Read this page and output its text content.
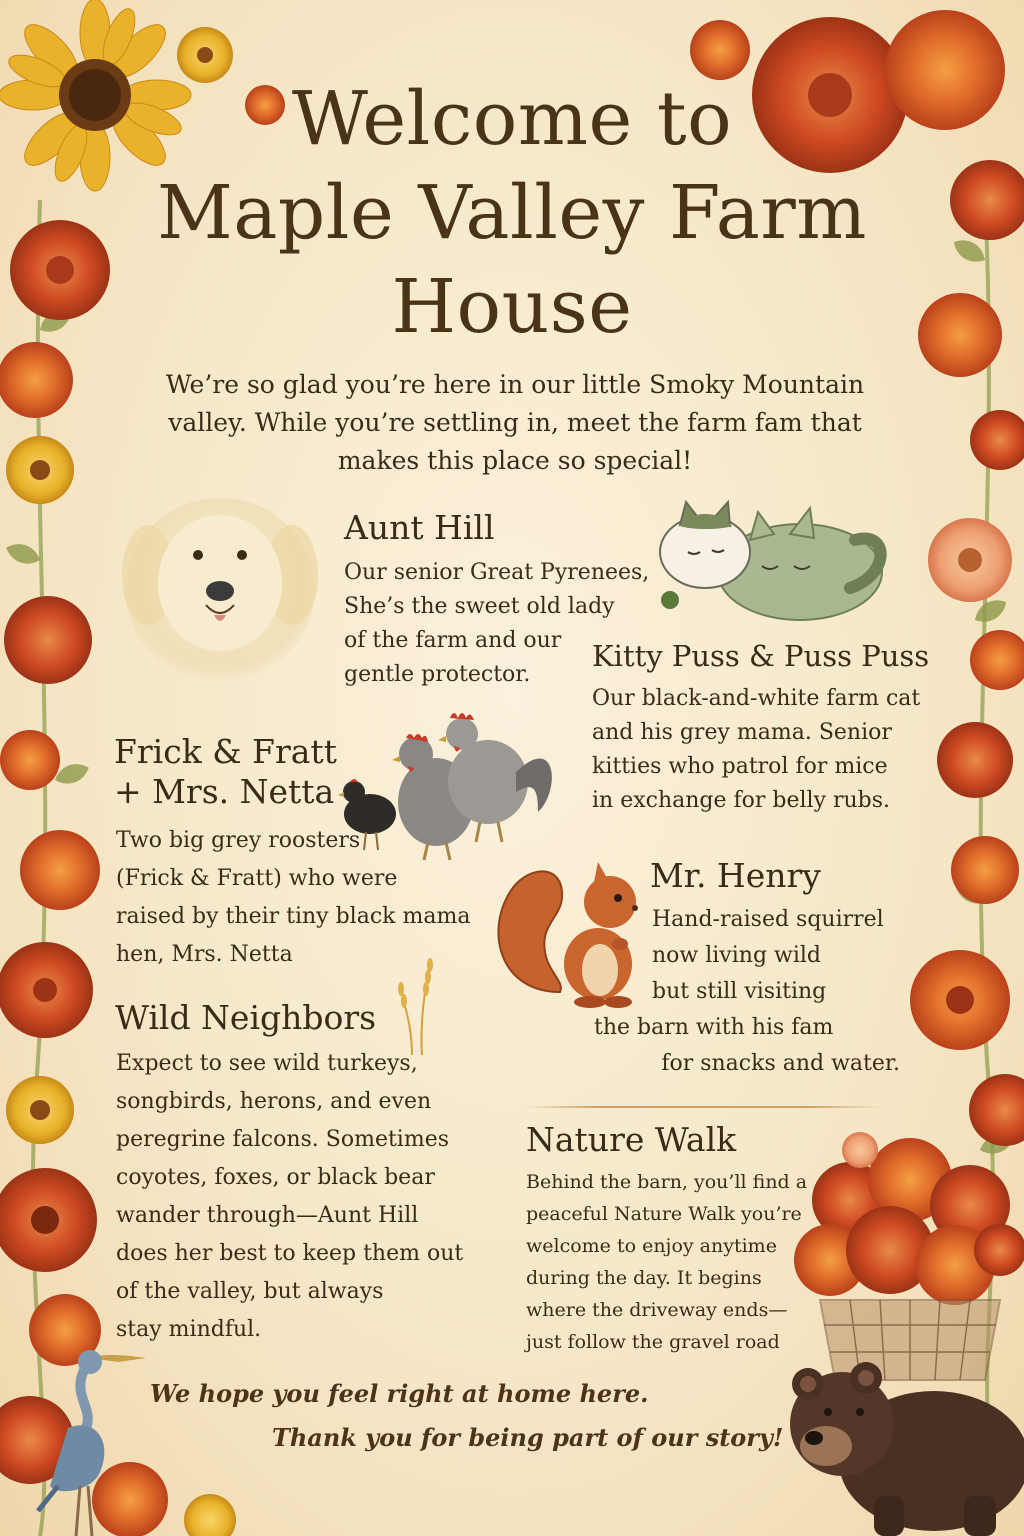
Welcome to
Maple Valley Farm
House
We’re so glad you’re here in our little Smoky Mountain valley. While you’re settling in, meet the farm fam that makes this place so special!
Aunt Hill
Our senior Great Pyrenees,
She’s the sweet old lady
of the farm and our
gentle protector.
Kitty Puss & Puss Puss
Our black-and-white farm cat
and his grey mama. Senior
kitties who patrol for mice
in exchange for belly rubs.
Frick & Fratt
+ Mrs. Netta
Two big grey roosters
(Frick & Fratt) who were
raised by their tiny black mama
hen, Mrs. Netta
Mr. Henry
Hand-raised squirrel
now living wild
but still visiting
the barn with his fam
for snacks and water.
Wild Neighbors
Expect to see wild turkeys,
songbirds, herons, and even
peregrine falcons. Sometimes
coyotes, foxes, or black bear
wander through—Aunt Hill
does her best to keep them out
of the valley, but always
stay mindful.
Nature Walk
Behind the barn, you’ll find a
peaceful Nature Walk you’re
welcome to enjoy anytime
during the day. It begins
where the driveway ends—
just follow the gravel road
We hope you feel right at home here.
Thank you for being part of our story!
